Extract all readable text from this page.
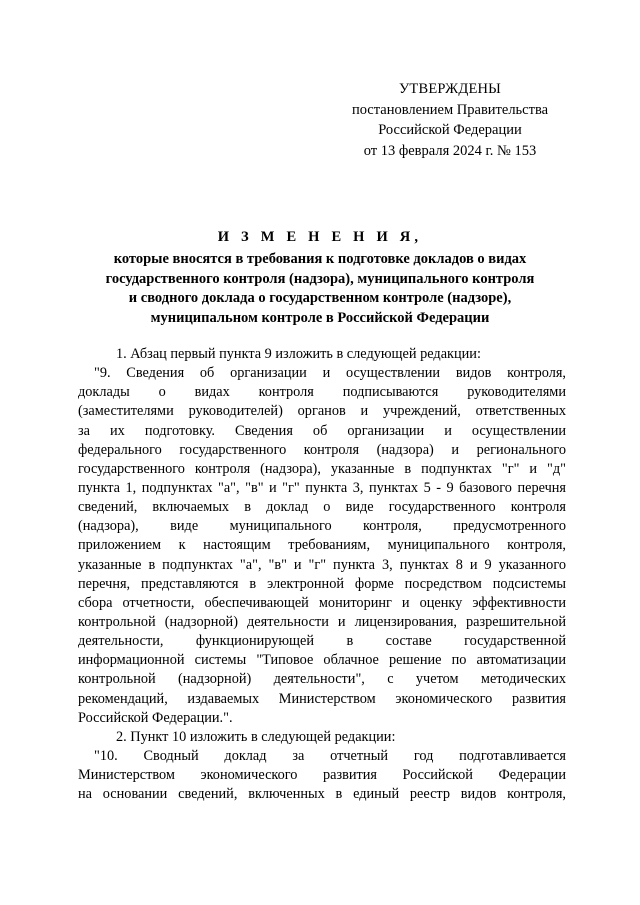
УТВЕРЖДЕНЫ
постановлением Правительства
Российской Федерации
от 13 февраля 2024 г. № 153
И З М Е Н Е Н И Я,
которые вносятся в требования к подготовке докладов о видах
государственного контроля (надзора), муниципального контроля
и сводного доклада о государственном контроле (надзоре),
муниципальном контроле в Российской Федерации
1. Абзац первый пункта 9 изложить в следующей редакции:
"9. Сведения об организации и осуществлении видов контроля,
доклады о видах контроля подписываются руководителями
(заместителями руководителей) органов и учреждений, ответственных
за их подготовку. Сведения об организации и осуществлении
федерального государственного контроля (надзора) и регионального
государственного контроля (надзора), указанные в подпунктах "г" и "д"
пункта 1, подпунктах "а", "в" и "г" пункта 3, пунктах 5 - 9 базового перечня
сведений, включаемых в доклад о виде государственного контроля
(надзора), виде муниципального контроля, предусмотренного
приложением к настоящим требованиям, муниципального контроля,
указанные в подпунктах "а", "в" и "г" пункта 3, пунктах 8 и 9 указанного
перечня, представляются в электронной форме посредством подсистемы
сбора отчетности, обеспечивающей мониторинг и оценку эффективности
контрольной (надзорной) деятельности и лицензирования, разрешительной
деятельности, функционирующей в составе государственной
информационной системы "Типовое облачное решение по автоматизации
контрольной (надзорной) деятельности", с учетом методических
рекомендаций, издаваемых Министерством экономического развития
Российской Федерации.".
2. Пункт 10 изложить в следующей редакции:
"10. Сводный доклад за отчетный год подготавливается
Министерством экономического развития Российской Федерации
на основании сведений, включенных в единый реестр видов контроля,
